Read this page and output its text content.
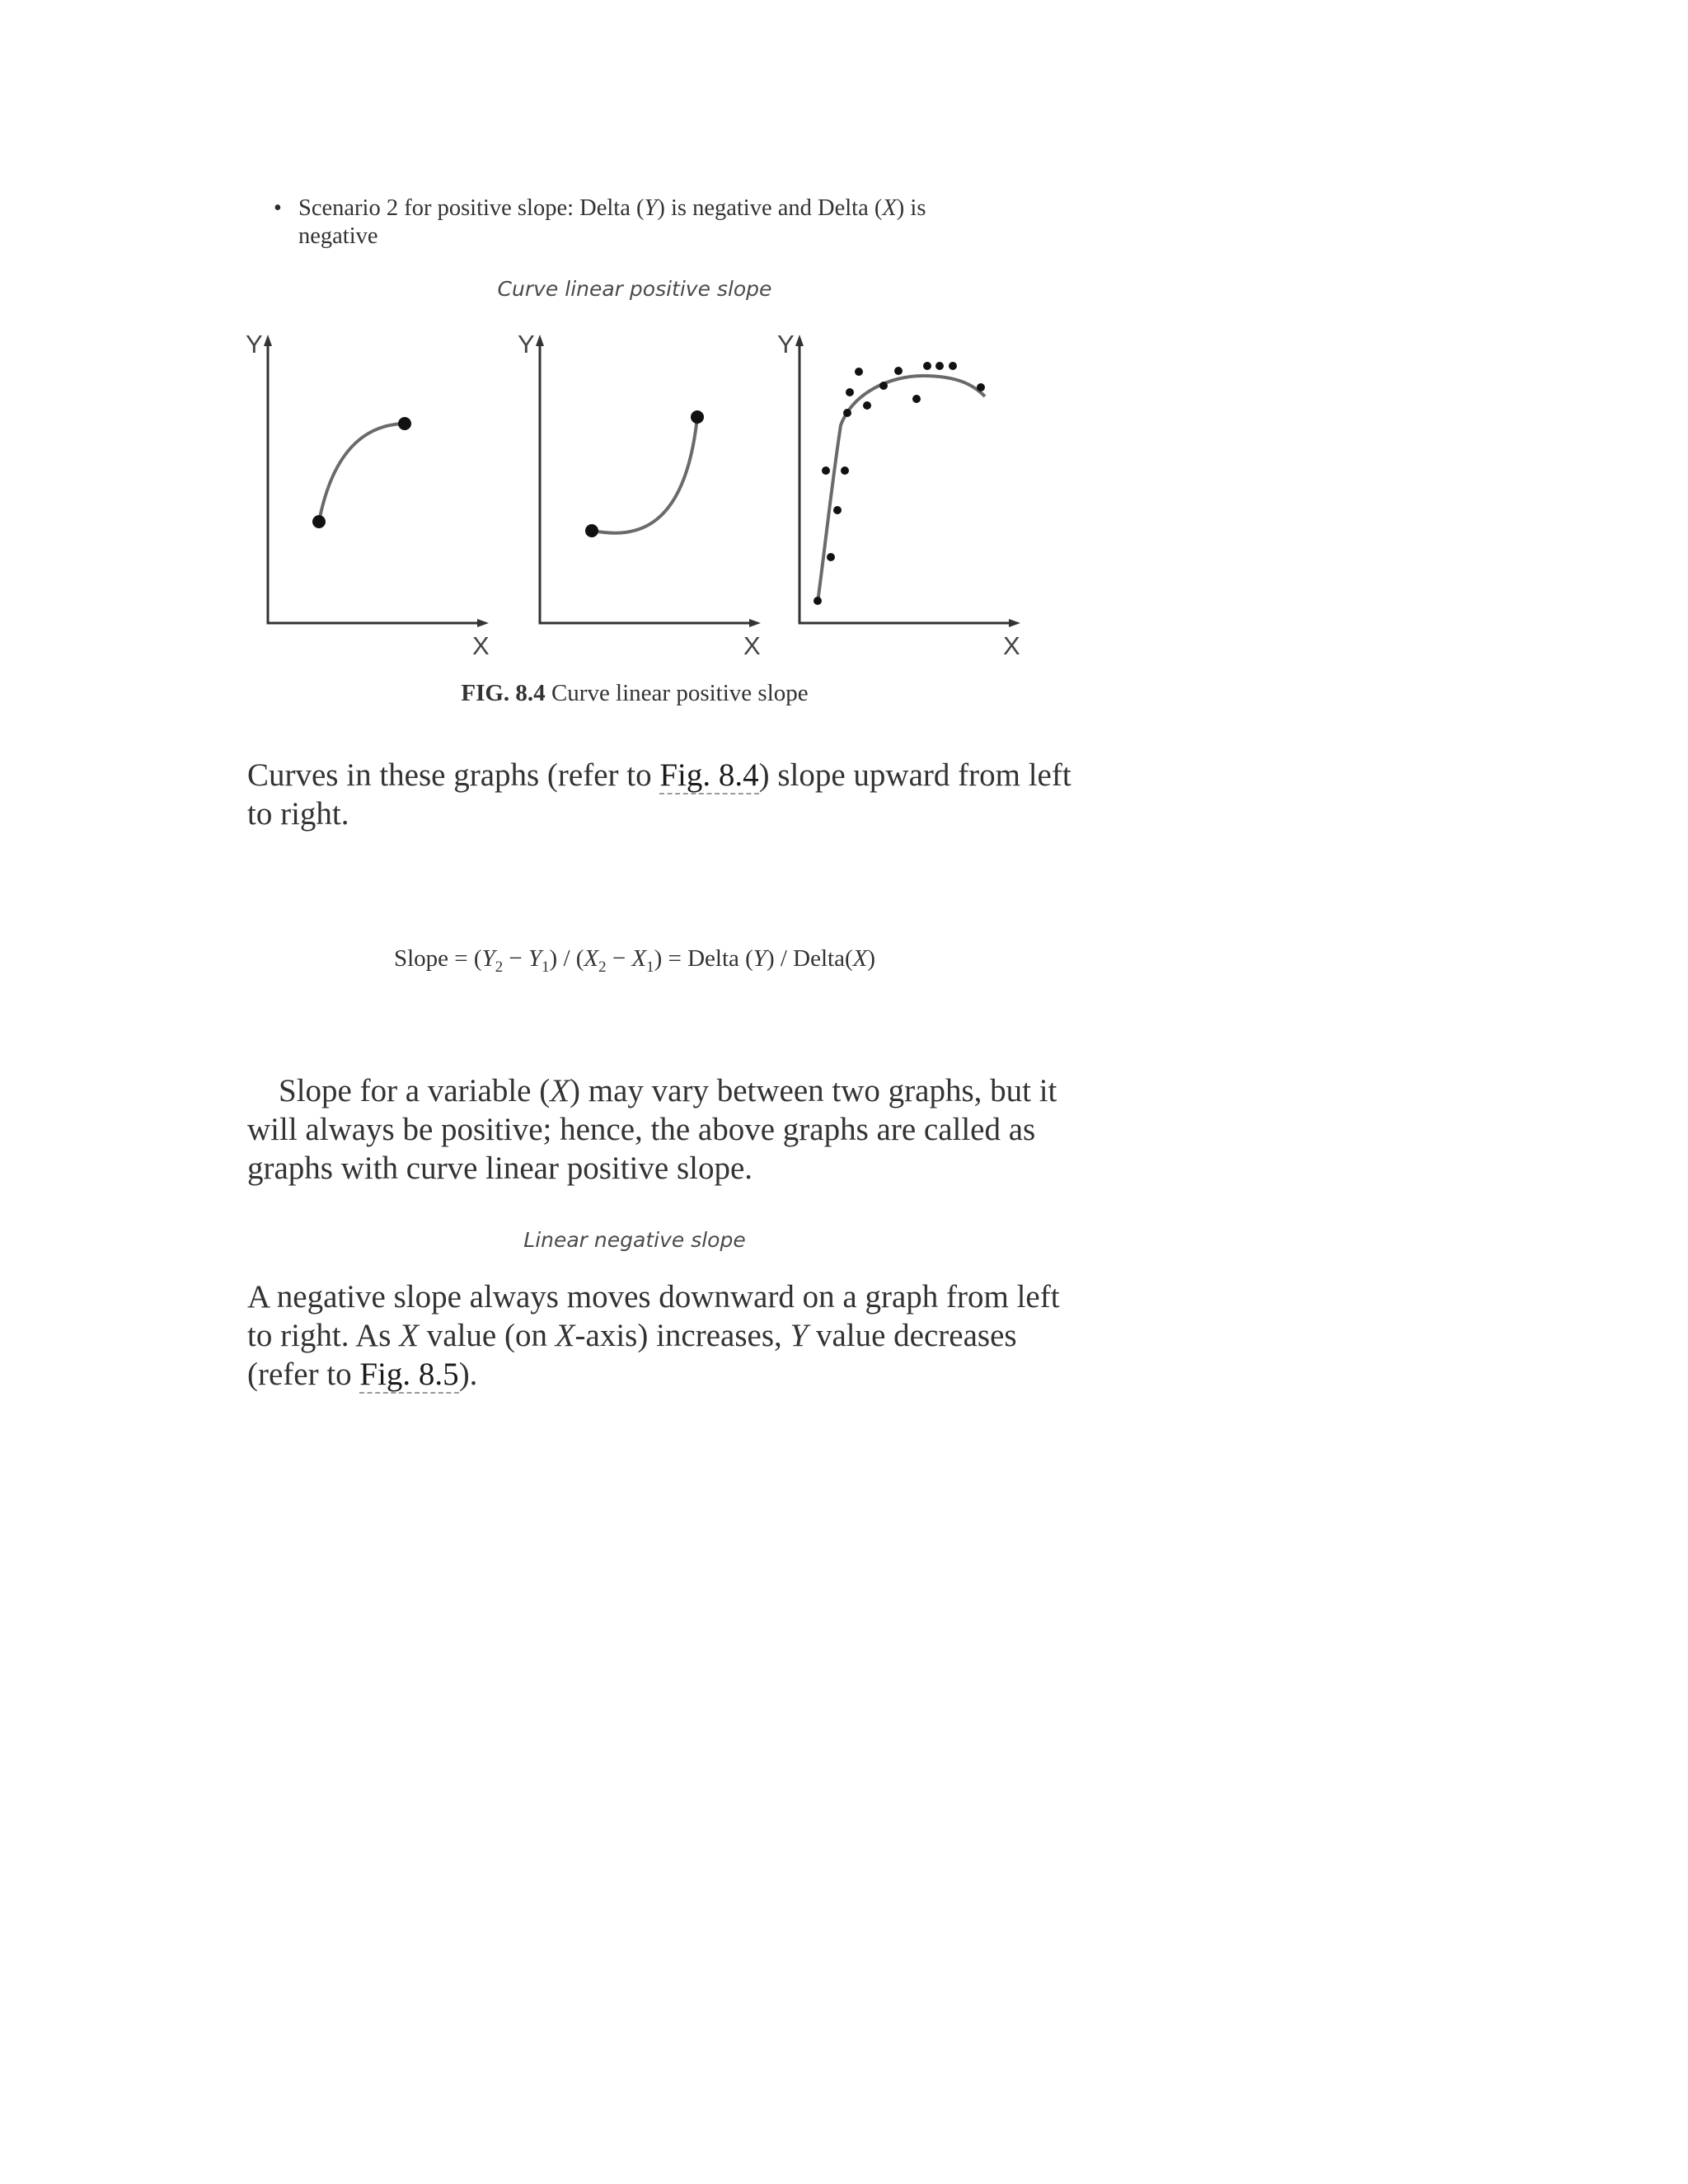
• Scenario 2 for positive slope: Delta (Y) is negative and Delta (X) is negative
Curve linear positive slope
Y
X
Y
X
Y
X
FIG. 8.4 Curve linear positive slope
Curves in these graphs (refer to Fig. 8.4) slope upward from left to right.
Slope = $(Y_2 - Y_1) / (X_2 - X_1)$ = Delta (Y) / Delta(X)
Slope for a variable (X) may vary between two graphs, but it will always be positive; hence, the above graphs are called as graphs with curve linear positive slope.
Linear negative slope
A negative slope always moves downward on a graph from left to right. As X value (on X-axis) increases, Y value decreases (refer to Fig. 8.5).
